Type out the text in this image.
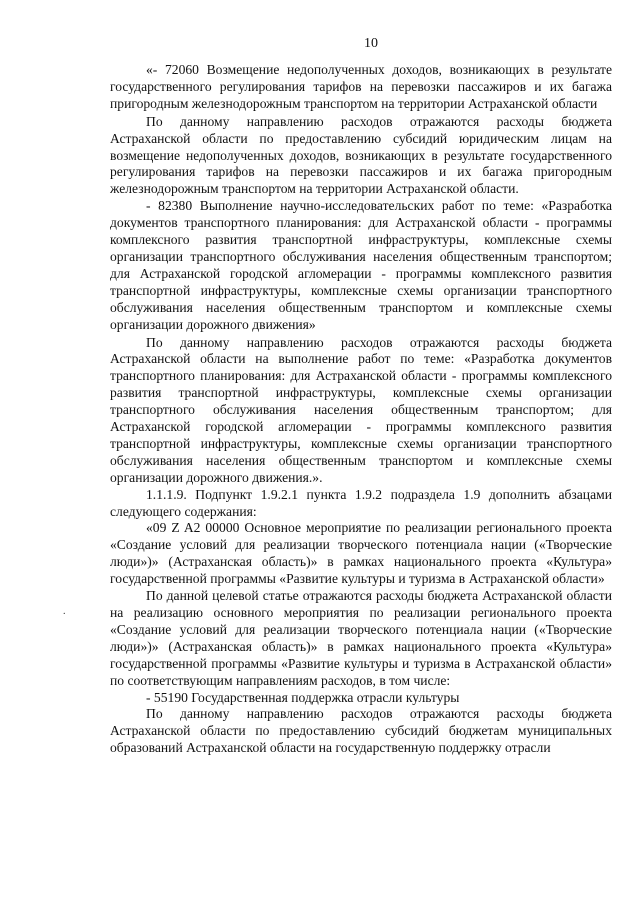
10

«- 72060 Возмещение недополученных доходов, возникающих в результате государственного регулирования тарифов на перевозки пассажиров и их багажа пригородным железнодорожным транспортом на территории Астраханской области

По данному направлению расходов отражаются расходы бюджета Астраханской области по предоставлению субсидий юридическим лицам на возмещение недополученных доходов, возникающих в результате государственного регулирования тарифов на перевозки пассажиров и их багажа пригородным железнодорожным транспортом на территории Астраханской области.

- 82380 Выполнение научно-исследовательских работ по теме: «Разработка документов транспортного планирования: для Астраханской области - программы комплексного развития транспортной инфраструктуры, комплексные схемы организации транспортного обслуживания населения общественным транспортом; для Астраханской городской агломерации - программы комплексного развития транспортной инфраструктуры, комплексные схемы организации транспортного обслуживания населения общественным транспортом и комплексные схемы организации дорожного движения»

По данному направлению расходов отражаются расходы бюджета Астраханской области на выполнение работ по теме: «Разработка документов транспортного планирования: для Астраханской области - программы комплексного развития транспортной инфраструктуры, комплексные схемы организации транспортного обслуживания населения общественным транспортом; для Астраханской городской агломерации - программы комплексного развития транспортной инфраструктуры, комплексные схемы организации транспортного обслуживания населения общественным транспортом и комплексные схемы организации дорожного движения.».

1.1.1.9. Подпункт 1.9.2.1 пункта 1.9.2 подраздела 1.9 дополнить абзацами следующего содержания:

«09 Z A2 00000 Основное мероприятие по реализации регионального проекта «Создание условий для реализации творческого потенциала нации («Творческие люди»)» (Астраханская область)» в рамках национального проекта «Культура» государственной программы «Развитие культуры и туризма в Астраханской области»

По данной целевой статье отражаются расходы бюджета Астраханской области на реализацию основного мероприятия по реализации регионального проекта «Создание условий для реализации творческого потенциала нации («Творческие люди»)» (Астраханская область)» в рамках национального проекта «Культура» государственной программы «Развитие культуры и туризма в Астраханской области» по соответствующим направлениям расходов, в том числе:

- 55190 Государственная поддержка отрасли культуры

По данному направлению расходов отражаются расходы бюджета Астраханской области по предоставлению субсидий бюджетам муниципальных образований Астраханской области на государственную поддержку отрасли

.
